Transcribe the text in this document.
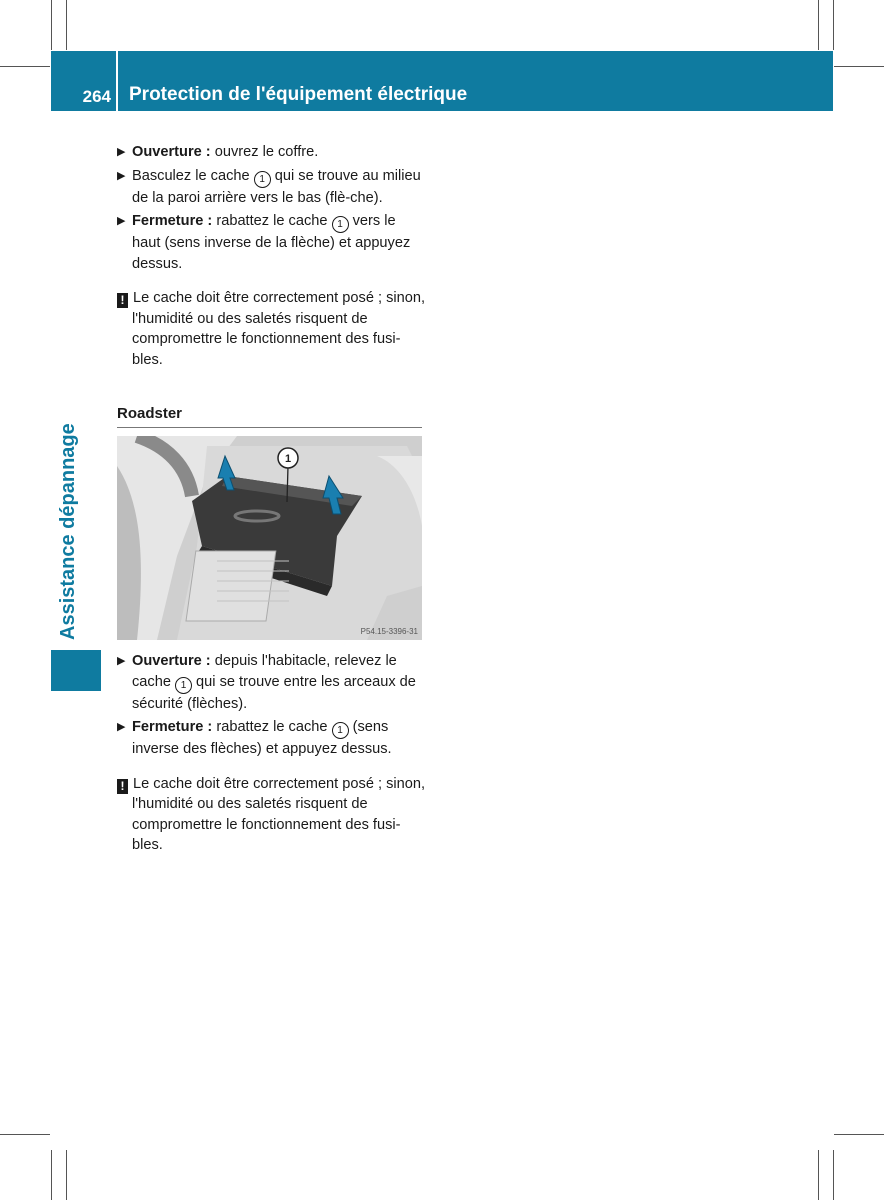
264 Protection de l'équipement électrique
Assistance dépannage
▶ Ouverture : ouvrez le coffre.
▶ Basculez le cache 1 qui se trouve au milieu de la paroi arrière vers le bas (flè-che).
▶ Fermeture : rabattez le cache 1 vers le haut (sens inverse de la flèche) et appuyez dessus.
! Le cache doit être correctement posé ; sinon, l'humidité ou des saletés risquent de compromettre le fonctionnement des fusi-bles.
Roadster
1
P54.15-3396-31
▶ Ouverture : depuis l'habitacle, relevez le cache 1 qui se trouve entre les arceaux de sécurité (flèches).
▶ Fermeture : rabattez le cache 1 (sens inverse des flèches) et appuyez dessus.
! Le cache doit être correctement posé ; sinon, l'humidité ou des saletés risquent de compromettre le fonctionnement des fusi-bles.
